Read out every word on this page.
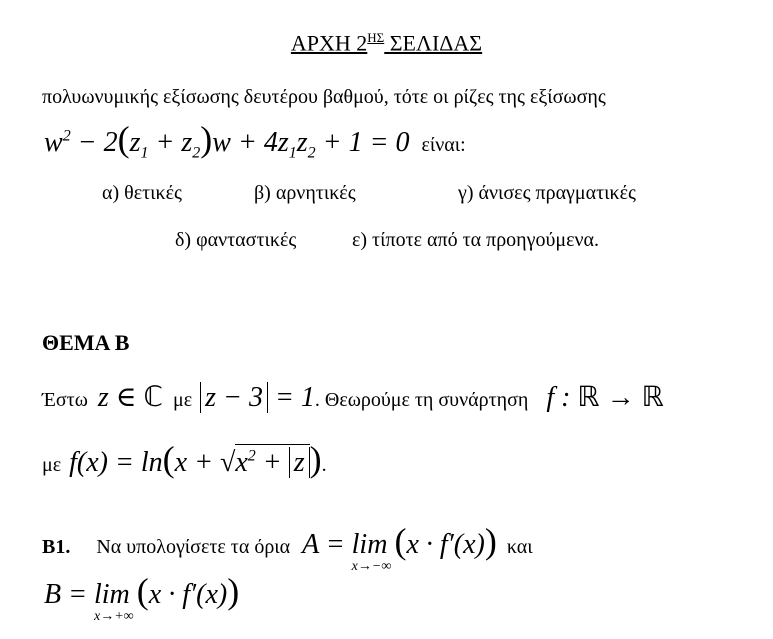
ΑΡΧΗ $2^{H\Sigma}$ ΣΕΛΙΔΑΣ
πολυωνυμικής εξίσωσης δευτέρου βαθμού, τότε οι ρίζες της εξίσωσης
$w^2 - 2(z_1 + z_2)w + 4z_1z_2 + 1 = 0$ είναι:
α) θετικές	β) αρνητικές	γ) άνισες πραγματικές
δ) φανταστικές	ε) τίποτε από τα προηγούμενα.
ΘΕΜΑ Β
Έστω z ∈ ℂ με z − 3 = 1. Θεωρούμε τη συνάρτηση f : ℝ → ℝ
με $f(x) = \ln(x + √x^2 + z$ ).
Β1. Να υπολογίσετε τα όρια A = lim
x→−∞
(x · f′(x)) και
B = lim
x→+∞
(x · f′(x))
